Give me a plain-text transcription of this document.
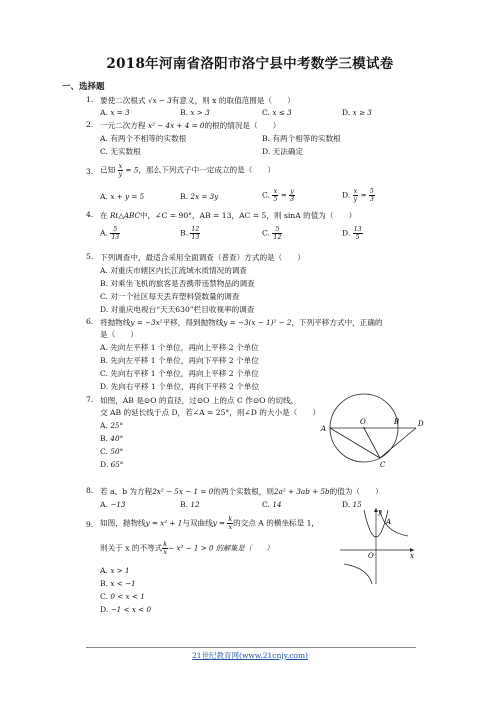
2018年河南省洛阳市洛宁县中考数学三模试卷
一、选择题
1. 要使二次根式 √x − 3有意义，则 x 的取值范围是（　　）
A. x = 3	B. x > 3	C. x ≤ 3	D. x ≥ 3
2. 一元二次方程 x² − 4x + 4 = 0的根的情况是（　　）
A. 有两个不相等的实数根	B. 有两个相等的实数根
C. 无实数根	D. 无法确定
3. 已知 $\frac{x}{y} = 5$，那么下列式子中一定成立的是（　　）
A. x + y = 5	B. 2x = 3y	C. $\frac{x}{5} = \frac{y}{3}$	D. $\frac{x}{y} = \frac{5}{3}$
4. 在 Rt△ABC中，∠C = 90°，AB = 13，AC = 5，则 sinA 的值为（　　）
A. $\frac{5}{13}$	B. $\frac{12}{13}$	C. $\frac{5}{12}$	D. $\frac{13}{5}$
5. 下列调查中，最适合采用全面调查（普查）方式的是（　　）
A. 对重庆市辖区内长江流域水质情况的调查
B. 对乘坐飞机的旅客是否携带违禁物品的调查
C. 对一个社区每天丢弃塑料袋数量的调查
D. 对重庆电视台“天天630”栏目收视率的调查
6. 将抛物线y = −3x²平移，得到抛物线y = −3(x − 1)² − 2，下列平移方式中，正确的
是（　　）
A. 先向左平移 1 个单位，再向上平移 2 个单位
B. 先向左平移 1 个单位，再向下平移 2 个单位
C. 先向右平移 1 个单位，再向上平移 2 个单位
D. 先向右平移 1 个单位，再向下平移 2 个单位
7. 如图，AB 是⊙O 的直径，过⊙O 上的点 C 作⊙O 的切线，
交 AB 的延长线于点 D，若∠A = 25°，则∠D 的大小是（　　）
A. 25°
B. 40°
C. 50°
D. 65°
A
O	B	D
C
8. 若 a、b 为方程2x² − 5x − 1 = 0的两个实数根，则2a² + 3ab + 5b的值为（　　）
A. −13	B. 12	C. 14	D. 15
9. 如图，抛物线y = x² + 1与双曲线$y = \frac{k}{x}$ 的交点 A 的横坐标是 1，
则关于 x 的不等式 $\frac{k}{x} - x^2 - 1 > 0$ 的解集是（　　）
A. x > 1
B. x < −1
C. 0 < x < 1
D. −1 < x < 0
y
A
O	x
21世纪教育网(www.21cnjy.com)
